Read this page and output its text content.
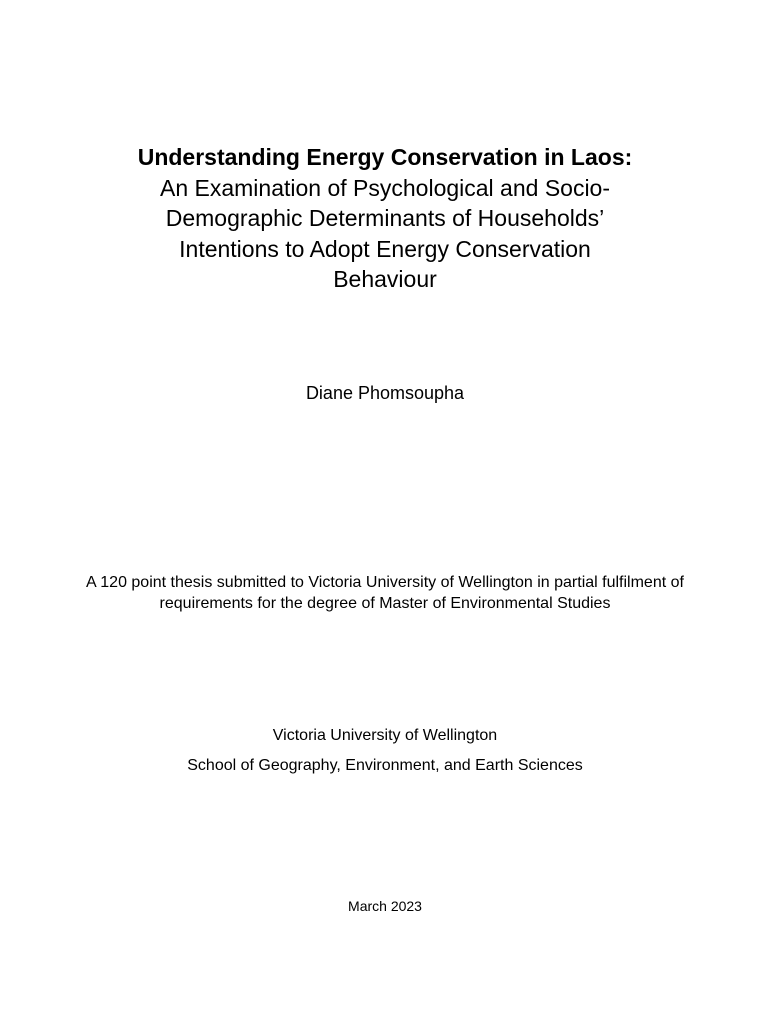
Understanding Energy Conservation in Laos:
An Examination of Psychological and Socio-Demographic Determinants of Households’ Intentions to Adopt Energy Conservation Behaviour
Diane Phomsoupha
A 120 point thesis submitted to Victoria University of Wellington in partial fulfilment of requirements for the degree of Master of Environmental Studies
Victoria University of Wellington
School of Geography, Environment, and Earth Sciences
March 2023
